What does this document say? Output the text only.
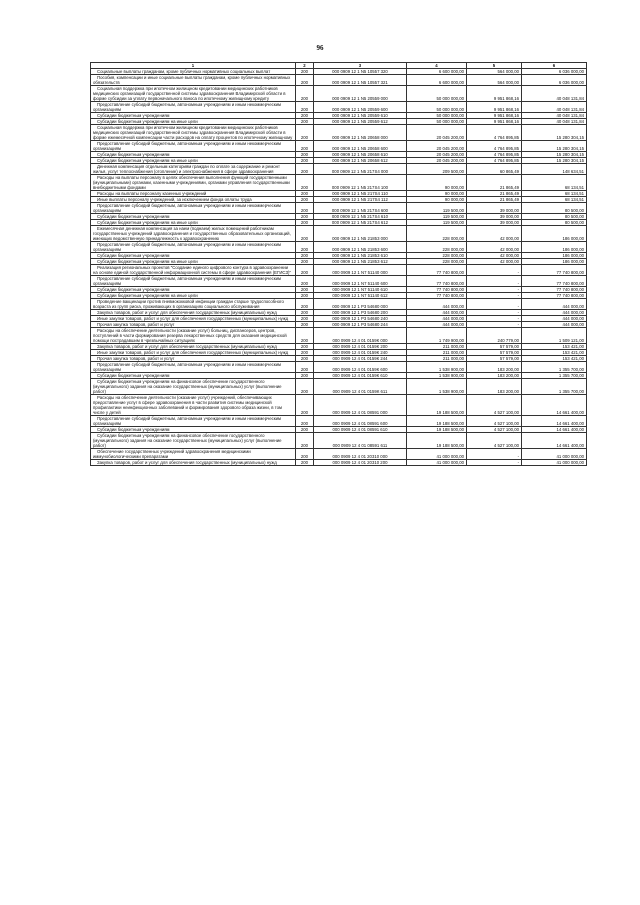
96
1	2	3	4	5	6
Социальные выплаты гражданам, кроме публичных нормативных социальных выплат	200	000 0909 12 1 N5 10557 320	6 600 000,00	564 000,00	6 036 000,00
Пособия, компенсации и иные социальные выплаты гражданам, кроме публичных нормативных обязательств	200	000 0909 12 1 N5 10557 321	6 600 000,00	564 000,00	6 036 000,00
Социальная поддержка при ипотечном жилищном кредитовании медицинских работников медицинских организаций государственной системы здравоохранения Владимирской области в форме субсидии за уплату первоначального взноса по ипотечному жилищному кредиту	200	000 0909 12 1 N5 20559 000	50 000 000,00	9 951 868,16	40 048 131,84
Предоставление субсидий бюджетным, автономным учреждениям и иным некоммерческим организациям	200	000 0909 12 1 N5 20559 600	50 000 000,00	9 951 868,16	40 048 131,84
Субсидии бюджетным учреждениям	200	000 0909 12 1 N5 20559 610	50 000 000,00	9 951 868,16	40 048 131,84
Субсидии бюджетным учреждениям на иные цели	200	000 0909 12 1 N5 20559 612	50 000 000,00	9 951 868,16	40 048 131,84
Социальная поддержка при ипотечном жилищном кредитовании медицинских работников медицинских организаций государственной системы здравоохранения Владимирской области в форме ежемесячной компенсации части расходов на оплату процентов по ипотечному жилищному	200	000 0909 12 1 N5 20658 000	20 045 200,00	4 764 895,85	15 280 304,15
Предоставление субсидий бюджетным, автономным учреждениям и иным некоммерческим организациям	200	000 0909 12 1 N5 20658 600	20 045 200,00	4 764 895,85	15 280 304,15
Субсидии бюджетным учреждениям	200	000 0909 12 1 N5 20658 610	20 045 200,00	4 764 895,85	15 280 304,15
Субсидии бюджетным учреждениям на иные цели	200	000 0909 12 1 N5 20658 612	20 045 200,00	4 764 895,85	15 280 304,15
Денежная компенсация отдельным категориям граждан по оплате за содержание и ремонт жилья, услуг теплоснабжения (отопление) и электроснабжения в сфере здравоохранения	200	000 0909 12 1 N5 217S4 000	209 500,00	60 865,49	148 634,51
Расходы на выплаты персоналу в целях обеспечения выполнения функций государственными (муниципальными) органами, казенными учреждениями, органами управления государственными внебюджетными фондами	200	000 0909 12 1 N5 217S4 100	90 000,00	21 865,49	68 134,51
Расходы на выплаты персоналу казенных учреждений	200	000 0909 12 1 N5 217S4 110	90 000,00	21 865,49	68 134,51
Иные выплаты персоналу учреждений, за исключением фонда оплаты труда	200	000 0909 12 1 N5 217S4 112	90 000,00	21 865,49	68 134,51
Предоставление субсидий бюджетным, автономным учреждениям и иным некоммерческим организациям	200	000 0909 12 1 N5 217S4 600	119 500,00	39 000,00	80 500,00
Субсидии бюджетным учреждениям	200	000 0909 12 1 N5 217S4 610	119 500,00	39 000,00	80 500,00
Субсидии бюджетным учреждениям на иные цели	200	000 0909 12 1 N5 217S4 612	119 500,00	39 000,00	80 500,00
Ежемесячная денежная компенсация за наем (поднаем) жилых помещений работникам государственных учреждений здравоохранения и государственных образовательных организаций, имеющих ведомственную принадлежность к здравоохранению	200	000 0909 12 1 N5 21853 000	228 000,00	42 000,00	186 000,00
Предоставление субсидий бюджетным, автономным учреждениям и иным некоммерческим организациям	200	000 0909 12 1 N5 21853 600	228 000,00	42 000,00	186 000,00
Субсидии бюджетным учреждениям	200	000 0909 12 1 N5 21853 610	228 000,00	42 000,00	186 000,00
Субсидии бюджетным учреждениям на иные цели	200	000 0909 12 1 N5 21853 612	228 000,00	42 000,00	186 000,00
Реализация региональных проектов "Создание единого цифрового контура в здравоохранении на основе единой государственной информационной системы в сфере здравоохранения (ЕГИСЗ)"	200	000 0909 12 1 N7 51140 000	77 740 800,00	-	77 740 800,00
Предоставление субсидий бюджетным, автономным учреждениям и иным некоммерческим организациям	200	000 0909 12 1 N7 51140 600	77 740 800,00	-	77 740 800,00
Субсидии бюджетным учреждениям	200	000 0909 12 1 N7 51140 610	77 740 800,00	-	77 740 800,00
Субсидии бюджетным учреждениям на иные цели	200	000 0909 12 1 N7 51140 612	77 740 800,00	-	77 740 800,00
Проведение вакцинации против пневмококковой инфекции граждан старше трудоспособного возраста из групп риска, проживающих в организациях социального обслуживания	200	000 0909 12 1 P3 54680 000	444 000,00	-	444 000,00
Закупка товаров, работ и услуг для обеспечения государственных (муниципальных) нужд	200	000 0909 12 1 P3 54680 200	444 000,00	-	444 000,00
Иные закупки товаров, работ и услуг для обеспечения государственных (муниципальных) нужд	200	000 0909 12 1 P3 54680 240	444 000,00	-	444 000,00
Прочая закупка товаров, работ и услуг	200	000 0909 12 1 P3 54680 244	444 000,00	-	444 000,00
Расходы на обеспечение деятельности (оказание услуг) больниц, диспансеров, центров, поступлений в части формирования резерва лекарственных средств для оказания медицинской помощи пострадавшим в чрезвычайных ситуациях	200	000 0909 12 4 01 0159К 000	1 749 900,00	240 779,00	1 509 121,00
Закупка товаров, работ и услуг для обеспечения государственных (муниципальных) нужд	200	000 0909 12 4 01 0159К 200	211 000,00	57 579,00	153 421,00
Иные закупки товаров, работ и услуг для обеспечения государственных (муниципальных) нужд	200	000 0909 12 4 01 0159К 240	211 000,00	57 579,00	153 421,00
Прочая закупка товаров, работ и услуг	200	000 0909 12 4 01 0159К 244	211 000,00	57 579,00	153 421,00
Предоставление субсидий бюджетным, автономным учреждениям и иным некоммерческим организациям	200	000 0909 12 4 01 0159К 600	1 538 900,00	183 200,00	1 355 700,00
Субсидии бюджетным учреждениям	200	000 0909 12 4 01 0159К 610	1 538 900,00	183 200,00	1 355 700,00
Субсидии бюджетным учреждениям на финансовое обеспечение государственного (муниципального) задания на оказание государственных (муниципальных) услуг (выполнение работ)	200	000 0909 12 4 01 0159К 611	1 538 900,00	183 200,00	1 355 700,00
Расходы на обеспечение деятельности (оказание услуг) учреждений, обеспечивающих предоставление услуг в сфере здравоохранения в части развития системы медицинской профилактики неинфекционных заболеваний и формирования здорового образа жизни, в том числе у детей	200	000 0909 12 4 01 08591 000	19 188 500,00	4 527 100,00	14 661 400,00
Предоставление субсидий бюджетным, автономным учреждениям и иным некоммерческим организациям	200	000 0909 12 4 01 08591 600	19 188 500,00	4 527 100,00	14 661 400,00
Субсидии бюджетным учреждениям	200	000 0909 12 4 01 08591 610	19 188 500,00	4 527 100,00	14 661 400,00
Субсидии бюджетным учреждениям на финансовое обеспечение государственного (муниципального) задания на оказание государственных (муниципальных) услуг (выполнение работ)	200	000 0909 12 4 01 08591 611	19 188 500,00	4 527 100,00	14 661 400,00
Обеспечение государственных учреждений здравоохранения медицинскими иммунобиологическими препаратами	200	000 0909 12 4 01 20310 000	41 000 000,00	-	41 000 000,00
Закупка товаров, работ и услуг для обеспечения государственных (муниципальных) нужд	200	000 0909 12 4 01 20310 200	41 000 000,00	-	41 000 000,00
